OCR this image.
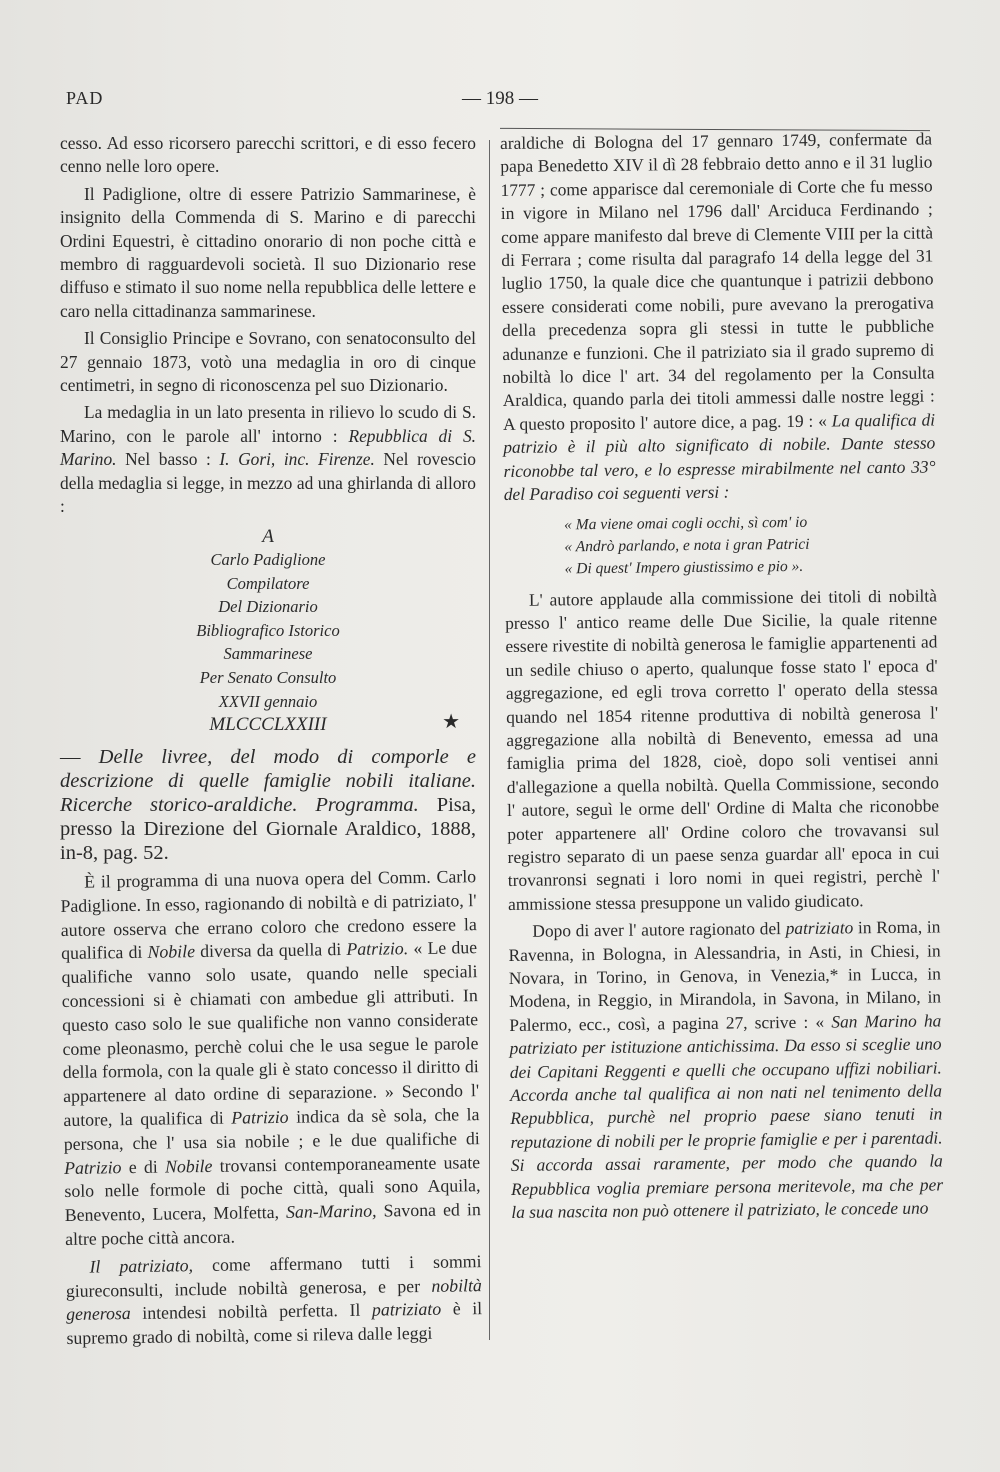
PAD	— 198 —

cesso. Ad esso ricorsero parecchi scrittori, e di esso fecero cenno nelle loro opere.

Il Padiglione, oltre di essere Patrizio Sammarinese, è insignito della Commenda di S. Marino e di parecchi Ordini Equestri, è cittadino onorario di non poche città e membro di ragguardevoli società. Il suo Dizionario rese diffuso e stimato il suo nome nella repubblica delle lettere e caro nella cittadinanza sammarinese.

Il Consiglio Principe e Sovrano, con senatoconsulto del 27 gennaio 1873, votò una medaglia in oro di cinque centimetri, in segno di riconoscenza pel suo Dizionario.

La medaglia in un lato presenta in rilievo lo scudo di S. Marino, con le parole all' intorno : Repubblica di S. Marino. Nel basso : I. Gori, inc. Firenze. Nel rovescio della medaglia si legge, in mezzo ad una ghirlanda di alloro :

A
Carlo Padiglione
Compilatore
Del Dizionario
Bibliografico Istorico
Sammarinese
Per Senato Consulto
XXVII gennaio
MLCCCLXXIII	★
— Delle livree, del modo di comporle e descrizione di quelle famiglie nobili italiane. Ricerche storico-araldiche. Programma. Pisa, presso la Direzione del Giornale Araldico, 1888, in-8, pag. 52.

È il programma di una nuova opera del Comm. Carlo Padiglione. In esso, ragionando di nobiltà e di patriziato, l' autore osserva che errano coloro che credono essere la qualifica di Nobile diversa da quella di Patrizio. « Le due qualifiche vanno solo usate, quando nelle speciali concessioni si è chiamati con ambedue gli attributi. In questo caso solo le sue qualifiche non vanno considerate come pleonasmo, perchè colui che le usa segue le parole della formola, con la quale gli è stato concesso il diritto di appartenere al dato ordine di separazione. » Secondo l' autore, la qualifica di Patrizio indica da sè sola, che la persona, che l' usa sia nobile ; e le due qualifiche di Patrizio e di Nobile trovansi contemporaneamente usate solo nelle formole di poche città, quali sono Aquila, Benevento, Lucera, Molfetta, San-Marino, Savona ed in altre poche città ancora.

Il patriziato, come affermano tutti i sommi giureconsulti, include nobiltà generosa, e per nobiltà generosa intendesi nobiltà perfetta. Il patriziato è il supremo grado di nobiltà, come si rileva dalle leggi

araldiche di Bologna del 17 gennaro 1749, confermate da papa Benedetto XIV il dì 28 febbraio detto anno e il 31 luglio 1777 ; come apparisce dal ceremoniale di Corte che fu messo in vigore in Milano nel 1796 dall' Arciduca Ferdinando ; come appare manifesto dal breve di Clemente VIII per la città di Ferrara ; come risulta dal paragrafo 14 della legge del 31 luglio 1750, la quale dice che quantunque i patrizii debbono essere considerati come nobili, pure avevano la prerogativa della precedenza sopra gli stessi in tutte le pubbliche adunanze e funzioni. Che il patriziato sia il grado supremo di nobiltà lo dice l' art. 34 del regolamento per la Consulta Araldica, quando parla dei titoli ammessi dalle nostre leggi : A questo proposito l' autore dice, a pag. 19 : « La qualifica di patrizio è il più alto significato di nobile. Dante stesso riconobbe tal vero, e lo espresse mirabilmente nel canto 33° del Paradiso coi seguenti versi :

« Ma viene omai cogli occhi, sì com' io
« Andrò parlando, e nota i gran Patrici
« Di quest' Impero giustissimo e pio ».

L' autore applaude alla commissione dei titoli di nobiltà presso l' antico reame delle Due Sicilie, la quale ritenne essere rivestite di nobiltà generosa le famiglie appartenenti ad un sedile chiuso o aperto, qualunque fosse stato l' epoca d' aggregazione, ed egli trova corretto l' operato della stessa quando nel 1854 ritenne produttiva di nobiltà generosa l' aggregazione alla nobiltà di Benevento, emessa ad una famiglia prima del 1828, cioè, dopo soli ventisei anni d'allegazione a quella nobiltà. Quella Commissione, secondo l' autore, seguì le orme dell' Ordine di Malta che riconobbe poter appartenere all' Ordine coloro che trovavansi sul registro separato di un paese senza guardar all' epoca in cui trovanronsi segnati i loro nomi in quei registri, perchè l' ammissione stessa presuppone un valido giudicato.

Dopo di aver l' autore ragionato del patriziato in Roma, in Ravenna, in Bologna, in Alessandria, in Asti, in Chiesi, in Novara, in Torino, in Genova, in Venezia,* in Lucca, in Modena, in Reggio, in Mirandola, in Savona, in Milano, in Palermo, ecc., così, a pagina 27, scrive : « San Marino ha patriziato per istituzione antichissima. Da esso si sceglie uno dei Capitani Reggenti e quelli che occupano uffizi nobiliari. Accorda anche tal qualifica ai non nati nel tenimento della Repubblica, purchè nel proprio paese siano tenuti in reputazione di nobili per le proprie famiglie e per i parentadi. Si accorda assai raramente, per modo che quando la Repubblica voglia premiare persona meritevole, ma che per la sua nascita non può ottenere il patriziato, le concede uno
